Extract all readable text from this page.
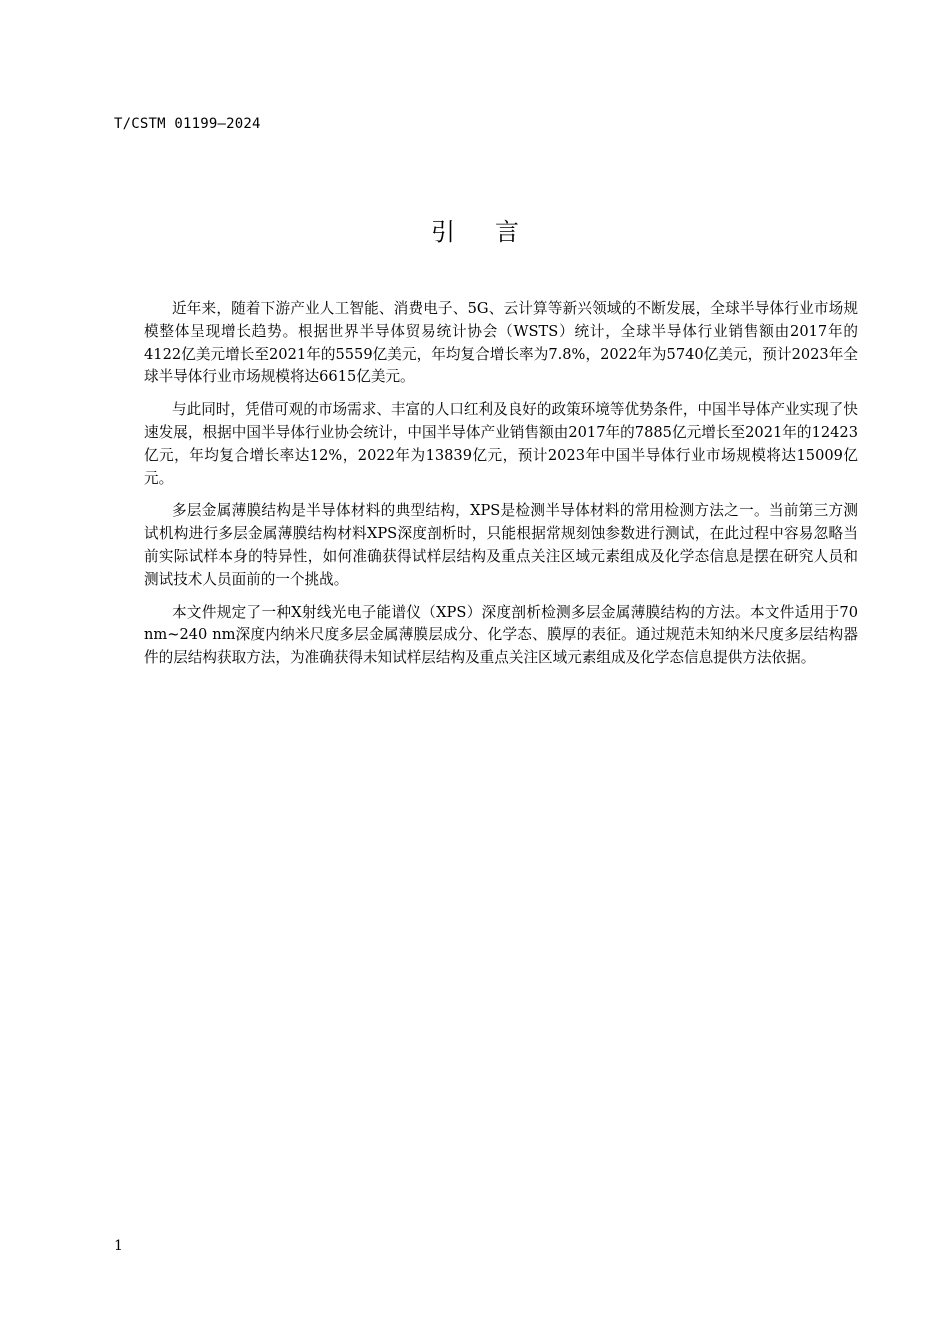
T/CSTM 01199—2024
引言

近年来，随着下游产业人工智能、消费电子、5G、云计算等新兴领域的不断发展，全球半导体行业市场规模整体呈现增长趋势。根据世界半导体贸易统计协会（WSTS）统计，全球半导体行业销售额由2017年的4122亿美元增长至2021年的5559亿美元，年均复合增长率为7.8%，2022年为5740亿美元，预计2023年全球半导体行业市场规模将达6615亿美元。

与此同时，凭借可观的市场需求、丰富的人口红利及良好的政策环境等优势条件，中国半导体产业实现了快速发展，根据中国半导体行业协会统计，中国半导体产业销售额由2017年的7885亿元增长至2021年的12423亿元，年均复合增长率达12%，2022年为13839亿元，预计2023年中国半导体行业市场规模将达15009亿元。

多层金属薄膜结构是半导体材料的典型结构，XPS是检测半导体材料的常用检测方法之一。当前第三方测试机构进行多层金属薄膜结构材料XPS深度剖析时，只能根据常规刻蚀参数进行测试，在此过程中容易忽略当前实际试样本身的特异性，如何准确获得试样层结构及重点关注区域元素组成及化学态信息是摆在研究人员和测试技术人员面前的一个挑战。

本文件规定了一种X射线光电子能谱仪（XPS）深度剖析检测多层金属薄膜结构的方法。本文件适用于70 nm~240 nm深度内纳米尺度多层金属薄膜层成分、化学态、膜厚的表征。通过规范未知纳米尺度多层结构器件的层结构获取方法，为准确获得未知试样层结构及重点关注区域元素组成及化学态信息提供方法依据。

1
